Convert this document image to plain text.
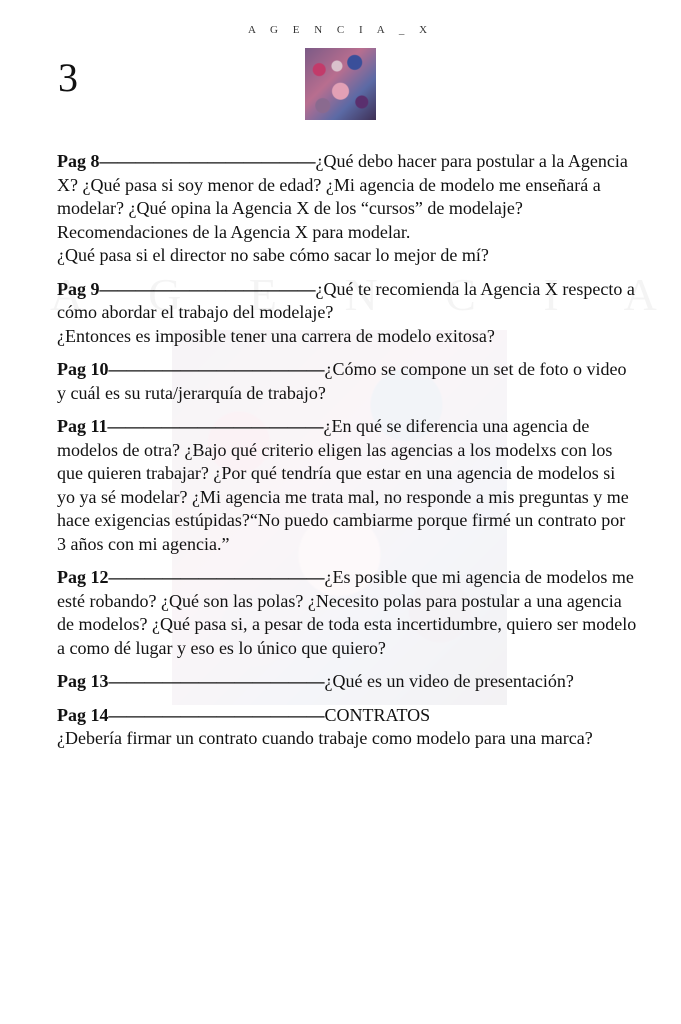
A G E N C I A _ X
3
Pag 8————————————¿Qué debo hacer para postular a la Agencia X? ¿Qué pasa si soy menor de edad? ¿Mi agencia de modelo me enseñará a modelar? ¿Qué opina la Agencia X de los “cursos” de modelaje? Recomendaciones de la Agencia X para modelar.
¿Qué pasa si el director no sabe cómo sacar lo mejor de mí?
Pag 9————————————¿Qué te recomienda la Agencia X respecto a cómo abordar el trabajo del modelaje?
¿Entonces es imposible tener una carrera de modelo exitosa?
Pag 10————————————¿Cómo se compone un set de foto o video y cuál es su ruta/jerarquía de trabajo?
Pag 11————————————¿En qué se diferencia una agencia de modelos de otra? ¿Bajo qué criterio eligen las agencias a los modelxs con los que quieren trabajar? ¿Por qué tendría que estar en una agencia de modelos si yo ya sé modelar? ¿Mi agencia me trata mal, no responde a mis preguntas y me hace exigencias estúpidas?“No puedo cambiarme porque firmé un contrato por 3 años con mi agencia.”
Pag 12————————————¿Es posible que mi agencia de modelos me esté robando? ¿Qué son las polas? ¿Necesito polas para postular a una agencia de modelos? ¿Qué pasa si, a pesar de toda esta incertidumbre, quiero ser modelo a como dé lugar y eso es lo único que quiero?
Pag 13————————————¿Qué es un video de presentación?
Pag 14————————————CONTRATOS
¿Debería firmar un contrato cuando trabaje como modelo para una marca?
